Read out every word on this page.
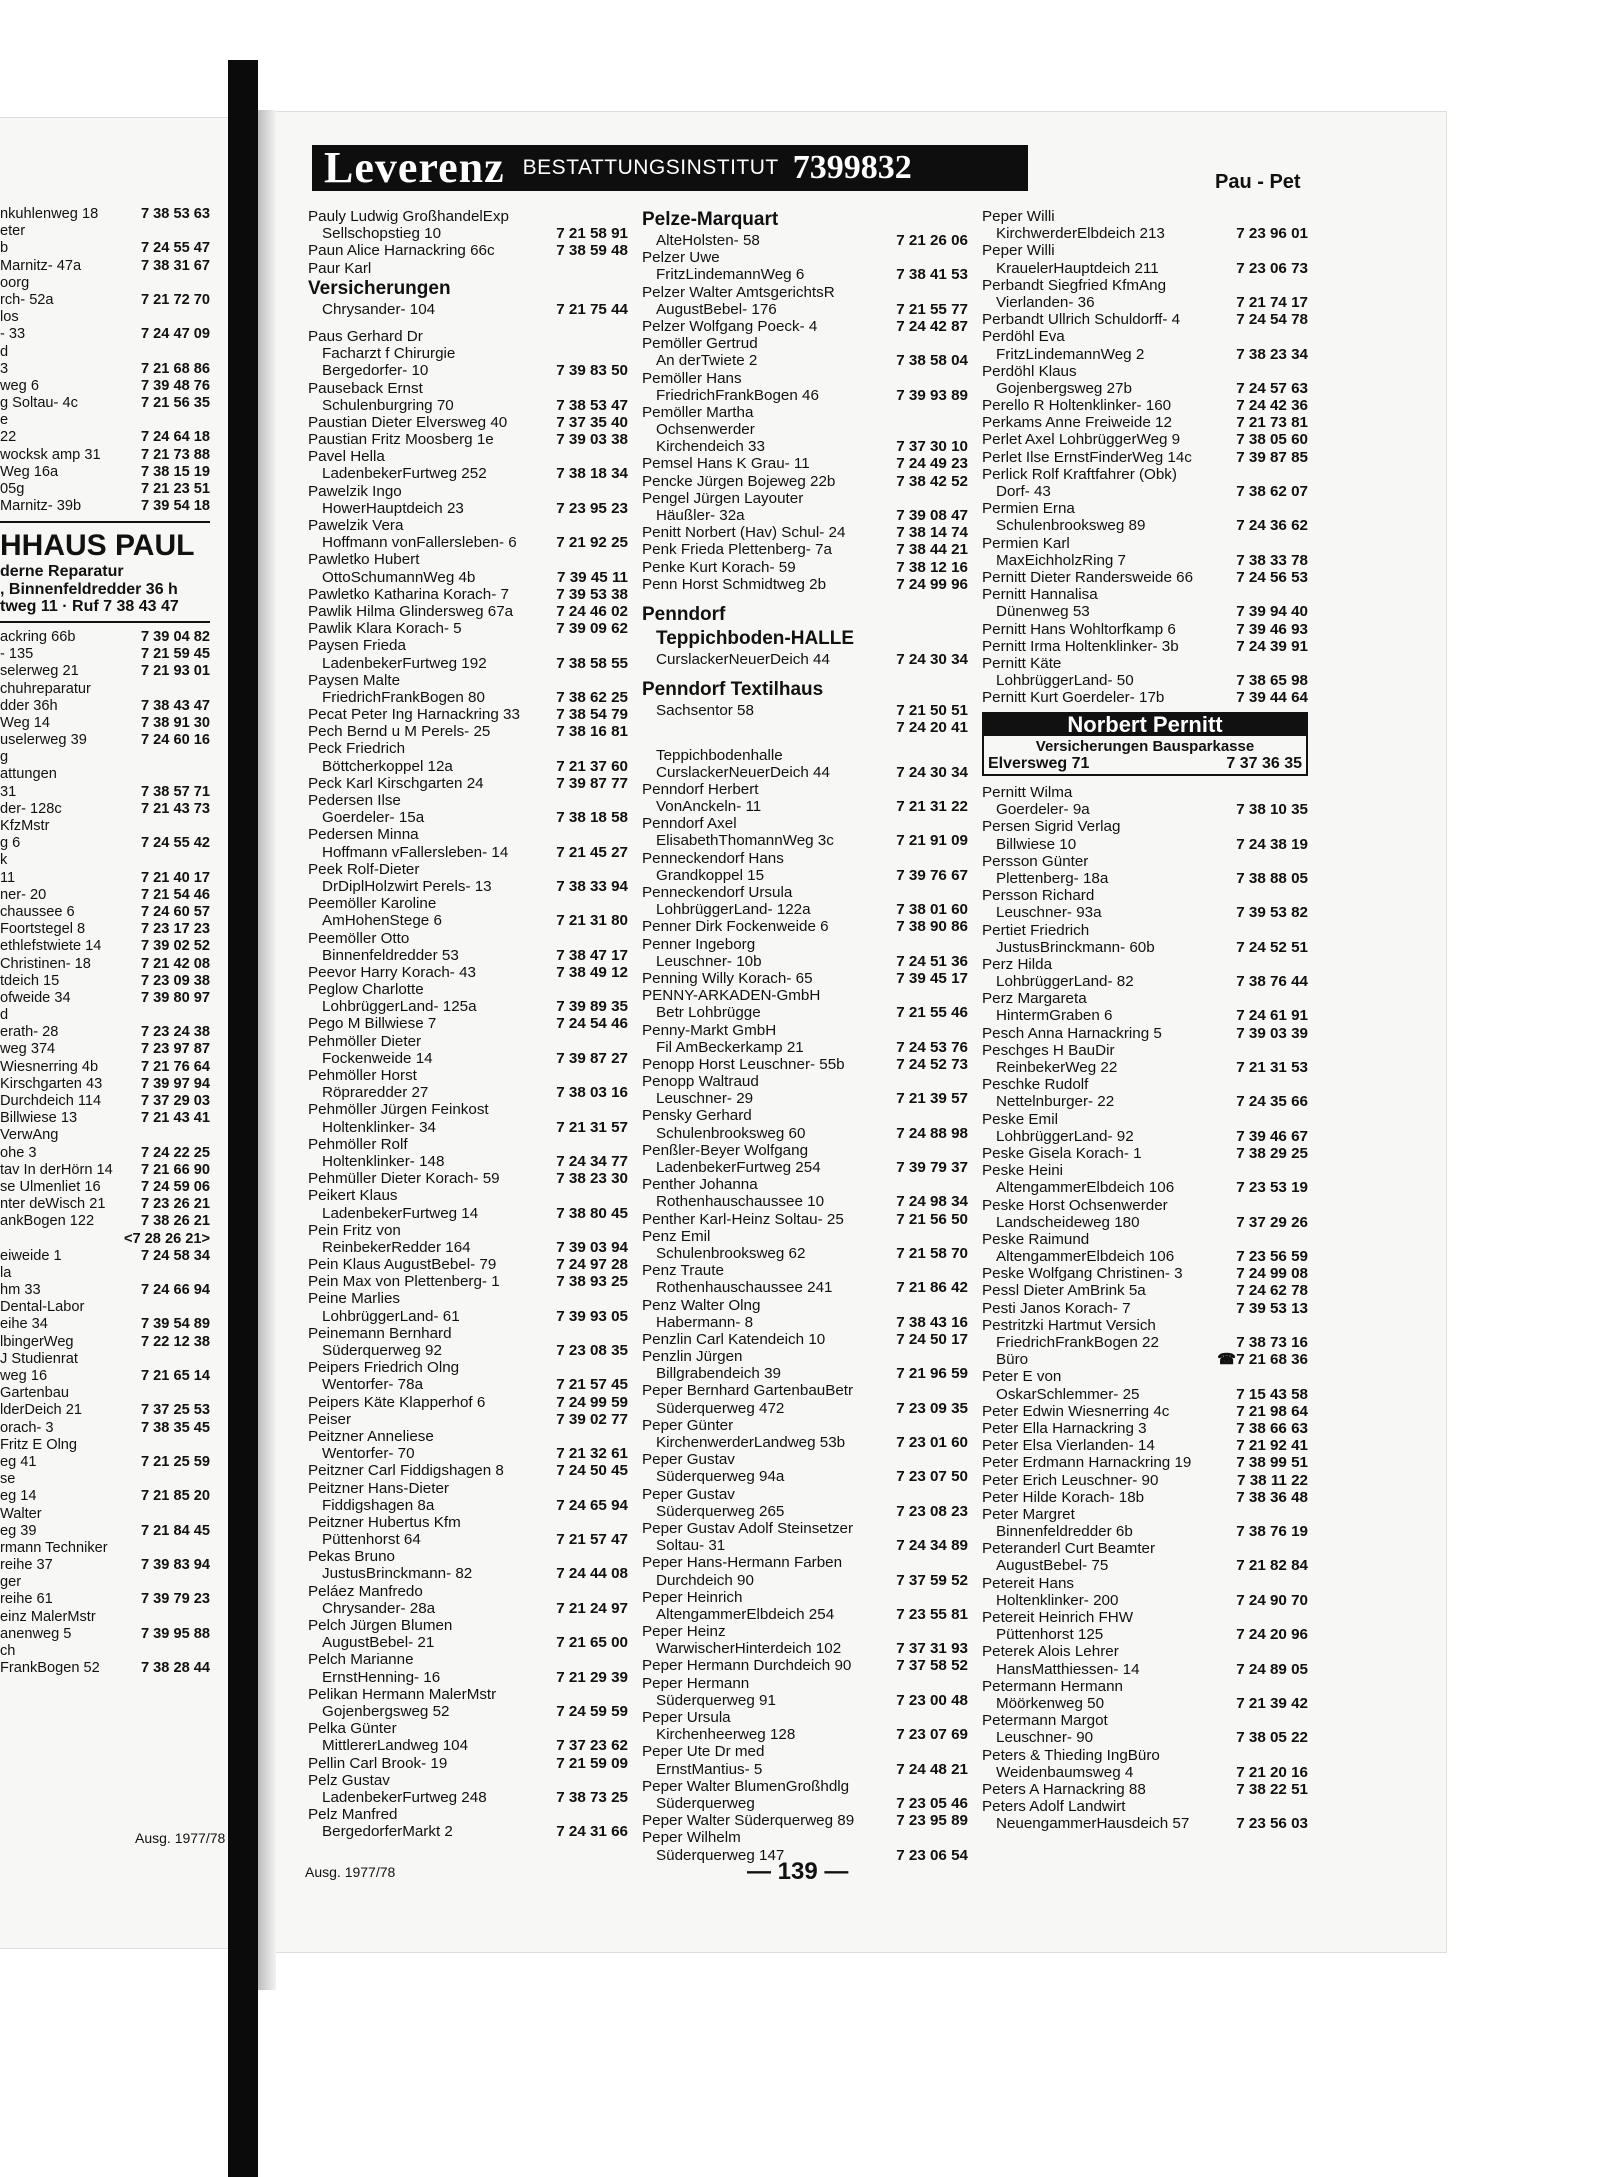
Leverenz BESTATTUNGSINSTITUT 7399832	Pau - Pet
nkuhlenweg 18	7 38 53 63
eter
b	7 24 55 47
Marnitz- 47a	7 38 31 67
oorg
rch- 52a	7 21 72 70
los
- 33	7 24 47 09
d
3	7 21 68 86
weg 6	7 39 48 76
g Soltau- 4c	7 21 56 35
e
22	7 24 64 18
wocksk amp 31	7 21 73 88
Weg 16a	7 38 15 19
05g	7 21 23 51
Marnitz- 39b	7 39 54 18
HHAUS PAUL
derne Reparatur
, Binnenfeldredder 36 h
tweg 11 · Ruf 7 38 43 47
ackring 66b	7 39 04 82
- 135	7 21 59 45
selerweg 21	7 21 93 01
chuhreparatur
dder 36h	7 38 43 47
Weg 14	7 38 91 30
uselerweg 39	7 24 60 16
g
attungen
31	7 38 57 71
der- 128c	7 21 43 73
KfzMstr
g 6	7 24 55 42
k
11	7 21 40 17
ner- 20	7 21 54 46
chaussee 6	7 24 60 57
Foortstegel 8	7 23 17 23
ethlefstwiete 14	7 39 02 52
Christinen- 18	7 21 42 08
tdeich 15	7 23 09 38
ofweide 34	7 39 80 97
d
erath- 28	7 23 24 38
weg 374	7 23 97 87
Wiesnerring 4b	7 21 76 64
Kirschgarten 43	7 39 97 94
Durchdeich 114	7 37 29 03
Billwiese 13	7 21 43 41
VerwAng
ohe 3	7 24 22 25
tav In derHörn 14	7 21 66 90
se Ulmenliet 16	7 24 59 06
nter deWisch 21	7 23 26 21
ankBogen 122	7 38 26 21
<7 28 26 21>
eiweide 1	7 24 58 34
la
hm 33	7 24 66 94
Dental-Labor
eihe 34	7 39 54 89
lbingerWeg	7 22 12 38
J Studienrat
weg 16	7 21 65 14
Gartenbau
lderDeich 21	7 37 25 53
orach- 3	7 38 35 45
Fritz E Olng
eg 41	7 21 25 59
se
eg 14	7 21 85 20
Walter
eg 39	7 21 84 45
rmann Techniker
reihe 37	7 39 83 94
ger
reihe 61	7 39 79 23
einz MalerMstr
anenweg 5	7 39 95 88
ch
FrankBogen 52	7 38 28 44
Pauly Ludwig GroßhandelExp
Sellschopstieg 10	7 21 58 91
Paun Alice Harnackring 66c	7 38 59 48
Paur Karl
Versicherungen
Chrysander- 104	7 21 75 44
Paus Gerhard Dr
Facharzt f Chirurgie
Bergedorfer- 10	7 39 83 50
Pauseback Ernst
Schulenburgring 70	7 38 53 47
Paustian Dieter Elversweg 40	7 37 35 40
Paustian Fritz Moosberg 1e	7 39 03 38
Pavel Hella
LadenbekerFurtweg 252	7 38 18 34
Pawelzik Ingo
HowerHauptdeich 23	7 23 95 23
Pawelzik Vera
Hoffmann vonFallersleben- 6	7 21 92 25
Pawletko Hubert
OttoSchumannWeg 4b	7 39 45 11
Pawletko Katharina Korach- 7	7 39 53 38
Pawlik Hilma Glindersweg 67a	7 24 46 02
Pawlik Klara Korach- 5	7 39 09 62
Paysen Frieda
LadenbekerFurtweg 192	7 38 58 55
Paysen Malte
FriedrichFrankBogen 80	7 38 62 25
Pecat Peter Ing Harnackring 33	7 38 54 79
Pech Bernd u M Perels- 25	7 38 16 81
Peck Friedrich
Böttcherkoppel 12a	7 21 37 60
Peck Karl Kirschgarten 24	7 39 87 77
Pedersen Ilse
Goerdeler- 15a	7 38 18 58
Pedersen Minna
Hoffmann vFallersleben- 14	7 21 45 27
Peek Rolf-Dieter
DrDiplHolzwirt Perels- 13	7 38 33 94
Peemöller Karoline
AmHohenStege 6	7 21 31 80
Peemöller Otto
Binnenfeldredder 53	7 38 47 17
Peevor Harry Korach- 43	7 38 49 12
Peglow Charlotte
LohbrüggerLand- 125a	7 39 89 35
Pego M Billwiese 7	7 24 54 46
Pehmöller Dieter
Fockenweide 14	7 39 87 27
Pehmöller Horst
Röpraredder 27	7 38 03 16
Pehmöller Jürgen Feinkost
Holtenklinker- 34	7 21 31 57
Pehmöller Rolf
Holtenklinker- 148	7 24 34 77
Pehmüller Dieter Korach- 59	7 38 23 30
Peikert Klaus
LadenbekerFurtweg 14	7 38 80 45
Pein Fritz von
ReinbekerRedder 164	7 39 03 94
Pein Klaus AugustBebel- 79	7 24 97 28
Pein Max von Plettenberg- 1	7 38 93 25
Peine Marlies
LohbrüggerLand- 61	7 39 93 05
Peinemann Bernhard
Süderquerweg 92	7 23 08 35
Peipers Friedrich Olng
Wentorfer- 78a	7 21 57 45
Peipers Käte Klapperhof 6	7 24 99 59
Peiser	7 39 02 77
Peitzner Anneliese
Wentorfer- 70	7 21 32 61
Peitzner Carl Fiddigshagen 8	7 24 50 45
Peitzner Hans-Dieter
Fiddigshagen 8a	7 24 65 94
Peitzner Hubertus Kfm
Püttenhorst 64	7 21 57 47
Pekas Bruno
JustusBrinckmann- 82	7 24 44 08
Peláez Manfredo
Chrysander- 28a	7 21 24 97
Pelch Jürgen Blumen
AugustBebel- 21	7 21 65 00
Pelch Marianne
ErnstHenning- 16	7 21 29 39
Pelikan Hermann MalerMstr
Gojenbergsweg 52	7 24 59 59
Pelka Günter
MittlererLandweg 104	7 37 23 62
Pellin Carl Brook- 19	7 21 59 09
Pelz Gustav
LadenbekerFurtweg 248	7 38 73 25
Pelz Manfred
BergedorferMarkt 2	7 24 31 66
Pelze-Marquart
AlteHolsten- 58	7 21 26 06
Pelzer Uwe
FritzLindemannWeg 6	7 38 41 53
Pelzer Walter AmtsgerichtsR
AugustBebel- 176	7 21 55 77
Pelzer Wolfgang Poeck- 4	7 24 42 87
Pemöller Gertrud
An derTwiete 2	7 38 58 04
Pemöller Hans
FriedrichFrankBogen 46	7 39 93 89
Pemöller Martha
Ochsenwerder
Kirchendeich 33	7 37 30 10
Pemsel Hans K Grau- 11	7 24 49 23
Pencke Jürgen Bojeweg 22b	7 38 42 52
Pengel Jürgen Layouter
Häußler- 32a	7 39 08 47
Penitt Norbert (Hav) Schul- 24	7 38 14 74
Penk Frieda Plettenberg- 7a	7 38 44 21
Penke Kurt Korach- 59	7 38 12 16
Penn Horst Schmidtweg 2b	7 24 99 96
Penndorf
Teppichboden-HALLE
CurslackerNeuerDeich 44	7 24 30 34
Penndorf Textilhaus
Sachsentor 58	7 21 50 51
7 24 20 41
Teppichbodenhalle
CurslackerNeuerDeich 44	7 24 30 34
Penndorf Herbert
VonAnckeln- 11	7 21 31 22
Penndorf Axel
ElisabethThomannWeg 3c	7 21 91 09
Penneckendorf Hans
Grandkoppel 15	7 39 76 67
Penneckendorf Ursula
LohbrüggerLand- 122a	7 38 01 60
Penner Dirk Fockenweide 6	7 38 90 86
Penner Ingeborg
Leuschner- 10b	7 24 51 36
Penning Willy Korach- 65	7 39 45 17
PENNY-ARKADEN-GmbH
Betr Lohbrügge	7 21 55 46
Penny-Markt GmbH
Fil AmBeckerkamp 21	7 24 53 76
Penopp Horst Leuschner- 55b	7 24 52 73
Penopp Waltraud
Leuschner- 29	7 21 39 57
Pensky Gerhard
Schulenbrooksweg 60	7 24 88 98
Penßler-Beyer Wolfgang
LadenbekerFurtweg 254	7 39 79 37
Penther Johanna
Rothenhauschaussee 10	7 24 98 34
Penther Karl-Heinz Soltau- 25	7 21 56 50
Penz Emil
Schulenbrooksweg 62	7 21 58 70
Penz Traute
Rothenhauschaussee 241	7 21 86 42
Penz Walter Olng
Habermann- 8	7 38 43 16
Penzlin Carl Katendeich 10	7 24 50 17
Penzlin Jürgen
Billgrabendeich 39	7 21 96 59
Peper Bernhard GartenbauBetr
Süderquerweg 472	7 23 09 35
Peper Günter
KirchenwerderLandweg 53b	7 23 01 60
Peper Gustav
Süderquerweg 94a	7 23 07 50
Peper Gustav
Süderquerweg 265	7 23 08 23
Peper Gustav Adolf Steinsetzer
Soltau- 31	7 24 34 89
Peper Hans-Hermann Farben
Durchdeich 90	7 37 59 52
Peper Heinrich
AltengammerElbdeich 254	7 23 55 81
Peper Heinz
WarwischerHinterdeich 102	7 37 31 93
Peper Hermann Durchdeich 90	7 37 58 52
Peper Hermann
Süderquerweg 91	7 23 00 48
Peper Ursula
Kirchenheerweg 128	7 23 07 69
Peper Ute Dr med
ErnstMantius- 5	7 24 48 21
Peper Walter BlumenGroßhdlg
Süderquerweg	7 23 05 46
Peper Walter Süderquerweg 89	7 23 95 89
Peper Wilhelm
Süderquerweg 147	7 23 06 54
Peper Willi
KirchwerderElbdeich 213	7 23 96 01
Peper Willi
KrauelerHauptdeich 211	7 23 06 73
Perbandt Siegfried KfmAng
Vierlanden- 36	7 21 74 17
Perbandt Ullrich Schuldorff- 4	7 24 54 78
Perdöhl Eva
FritzLindemannWeg 2	7 38 23 34
Perdöhl Klaus
Gojenbergsweg 27b	7 24 57 63
Perello R Holtenklinker- 160	7 24 42 36
Perkams Anne Freiweide 12	7 21 73 81
Perlet Axel LohbrüggerWeg 9	7 38 05 60
Perlet Ilse ErnstFinderWeg 14c	7 39 87 85
Perlick Rolf Kraftfahrer (Obk)
Dorf- 43	7 38 62 07
Permien Erna
Schulenbrooksweg 89	7 24 36 62
Permien Karl
MaxEichholzRing 7	7 38 33 78
Pernitt Dieter Randersweide 66	7 24 56 53
Pernitt Hannalisa
Dünenweg 53	7 39 94 40
Pernitt Hans Wohltorfkamp 6	7 39 46 93
Pernitt Irma Holtenklinker- 3b	7 24 39 91
Pernitt Käte
LohbrüggerLand- 50	7 38 65 98
Pernitt Kurt Goerdeler- 17b	7 39 44 64
Norbert Pernitt
Versicherungen Bausparkasse
Elversweg 71	7 37 36 35
Pernitt Wilma
Goerdeler- 9a	7 38 10 35
Persen Sigrid Verlag
Billwiese 10	7 24 38 19
Persson Günter
Plettenberg- 18a	7 38 88 05
Persson Richard
Leuschner- 93a	7 39 53 82
Pertiet Friedrich
JustusBrinckmann- 60b	7 24 52 51
Perz Hilda
LohbrüggerLand- 82	7 38 76 44
Perz Margareta
HintermGraben 6	7 24 61 91
Pesch Anna Harnackring 5	7 39 03 39
Peschges H BauDir
ReinbekerWeg 22	7 21 31 53
Peschke Rudolf
Nettelnburger- 22	7 24 35 66
Peske Emil
LohbrüggerLand- 92	7 39 46 67
Peske Gisela Korach- 1	7 38 29 25
Peske Heini
AltengammerElbdeich 106	7 23 53 19
Peske Horst Ochsenwerder
Landscheideweg 180	7 37 29 26
Peske Raimund
AltengammerElbdeich 106	7 23 56 59
Peske Wolfgang Christinen- 3	7 24 99 08
Pessl Dieter AmBrink 5a	7 24 62 78
Pesti Janos Korach- 7	7 39 53 13
Pestritzki Hartmut Versich
FriedrichFrankBogen 22	7 38 73 16
Büro	☎7 21 68 36
Peter E von
OskarSchlemmer- 25	7 15 43 58
Peter Edwin Wiesnerring 4c	7 21 98 64
Peter Ella Harnackring 3	7 38 66 63
Peter Elsa Vierlanden- 14	7 21 92 41
Peter Erdmann Harnackring 19	7 38 99 51
Peter Erich Leuschner- 90	7 38 11 22
Peter Hilde Korach- 18b	7 38 36 48
Peter Margret
Binnenfeldredder 6b	7 38 76 19
Peteranderl Curt Beamter
AugustBebel- 75	7 21 82 84
Petereit Hans
Holtenklinker- 200	7 24 90 70
Petereit Heinrich FHW
Püttenhorst 125	7 24 20 96
Peterek Alois Lehrer
HansMatthiessen- 14	7 24 89 05
Petermann Hermann
Möörkenweg 50	7 21 39 42
Petermann Margot
Leuschner- 90	7 38 05 22
Peters & Thieding IngBüro
Weidenbaumsweg 4	7 21 20 16
Peters A Harnackring 88	7 38 22 51
Peters Adolf Landwirt
NeuengammerHausdeich 57	7 23 56 03
Ausg. 1977/78
Ausg. 1977/78	— 139 —
